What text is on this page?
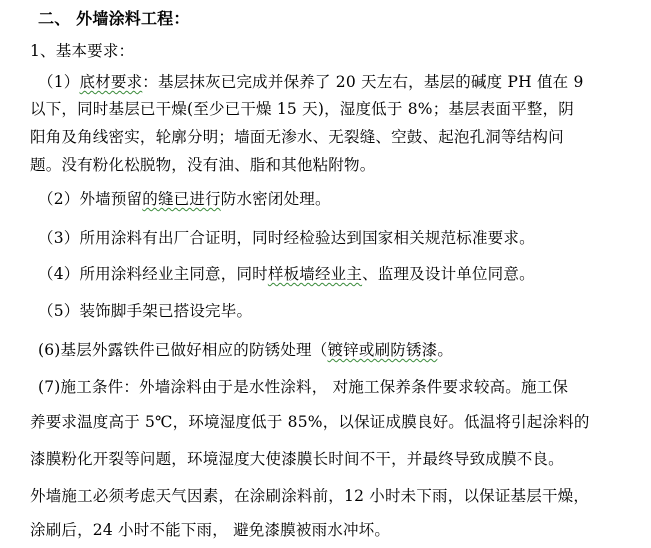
二、 外墙涂料工程：
1、基本要求：
（1）底材要求：基层抹灰已完成并保养了 20 天左右，基层的碱度 PH 值在 9
以下，同时基层已干燥(至少已干燥 15 天)，湿度低于 8%；基层表面平整，阴
阳角及角线密实，轮廓分明；墙面无渗水、无裂缝、空鼓、起泡孔洞等结构问
题。没有粉化松脱物，没有油、脂和其他粘附物。
（2）外墙预留的缝已进行防水密闭处理。
（3）所用涂料有出厂合证明，同时经检验达到国家相关规范标准要求。
（4）所用涂料经业主同意，同时样板墙经业主、监理及设计单位同意。
（5）装饰脚手架已搭设完毕。
(6)基层外露铁件已做好相应的防锈处理（镀锌或刷防锈漆。
(7)施工条件：外墙涂料由于是水性涂料， 对施工保养条件要求较高。施工保
养要求温度高于 5℃，环境湿度低于 85%，以保证成膜良好。低温将引起涂料的
漆膜粉化开裂等问题，环境湿度大使漆膜长时间不干，并最终导致成膜不良。
外墙施工必须考虑天气因素，在涂刷涂料前，12 小时未下雨，以保证基层干燥，
涂刷后，24 小时不能下雨， 避免漆膜被雨水冲坏。
